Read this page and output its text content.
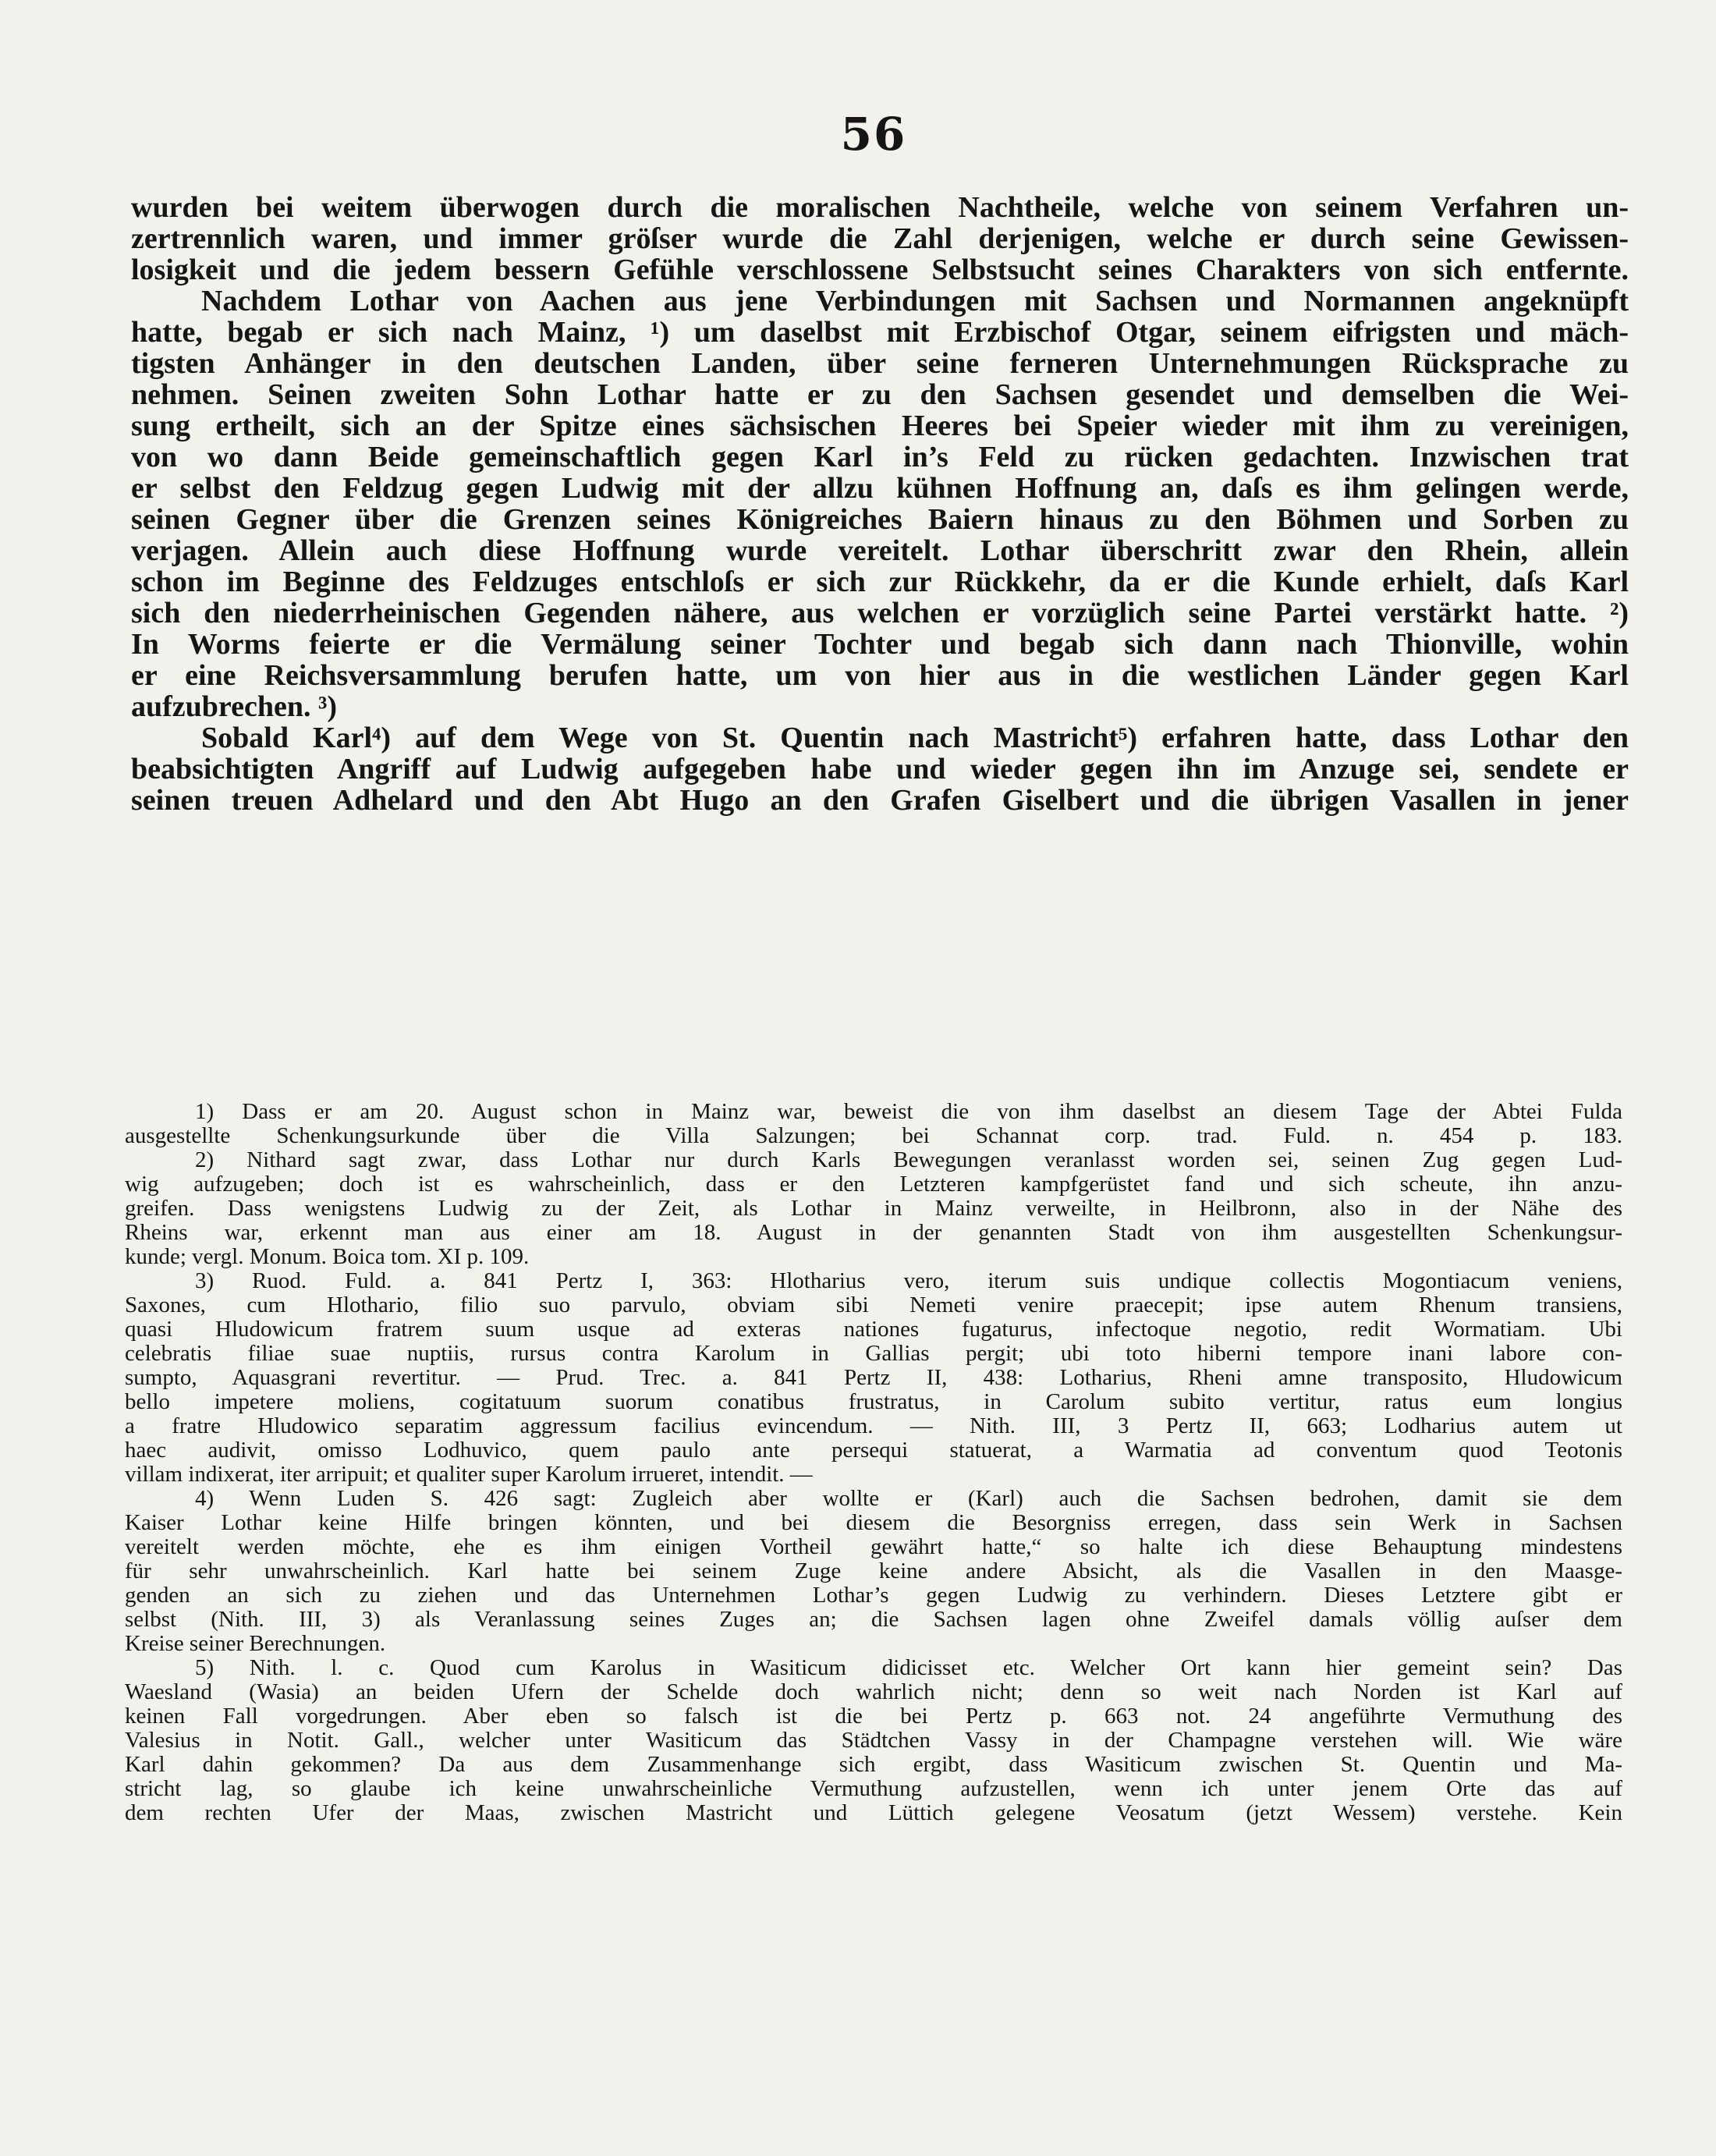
56
wurden bei weitem überwogen durch die moralischen Nachtheile, welche von seinem Verfahren un-
zertrennlich waren, und immer gröſser wurde die Zahl derjenigen, welche er durch seine Gewissen-
losigkeit und die jedem bessern Gefühle verschlossene Selbstsucht seines Charakters von sich entfernte.
Nachdem Lothar von Aachen aus jene Verbindungen mit Sachsen und Normannen angeknüpft
hatte, begab er sich nach Mainz, ¹) um daselbst mit Erzbischof Otgar, seinem eifrigsten und mäch-
tigsten Anhänger in den deutschen Landen, über seine ferneren Unternehmungen Rücksprache zu
nehmen. Seinen zweiten Sohn Lothar hatte er zu den Sachsen gesendet und demselben die Wei-
sung ertheilt, sich an der Spitze eines sächsischen Heeres bei Speier wieder mit ihm zu vereinigen,
von wo dann Beide gemeinschaftlich gegen Karl in’s Feld zu rücken gedachten. Inzwischen trat
er selbst den Feldzug gegen Ludwig mit der allzu kühnen Hoffnung an, daſs es ihm gelingen werde,
seinen Gegner über die Grenzen seines Königreiches Baiern hinaus zu den Böhmen und Sorben zu
verjagen. Allein auch diese Hoffnung wurde vereitelt. Lothar überschritt zwar den Rhein, allein
schon im Beginne des Feldzuges entschloſs er sich zur Rückkehr, da er die Kunde erhielt, daſs Karl
sich den niederrheinischen Gegenden nähere, aus welchen er vorzüglich seine Partei verstärkt hatte. ²)
In Worms feierte er die Vermälung seiner Tochter und begab sich dann nach Thionville, wohin
er eine Reichsversammlung berufen hatte, um von hier aus in die westlichen Länder gegen Karl
aufzubrechen. ³)
Sobald Karl⁴) auf dem Wege von St. Quentin nach Mastricht⁵) erfahren hatte, dass Lothar den
beabsichtigten Angriff auf Ludwig aufgegeben habe und wieder gegen ihn im Anzuge sei, sendete er
seinen treuen Adhelard und den Abt Hugo an den Grafen Giselbert und die übrigen Vasallen in jener
1) Dass er am 20. August schon in Mainz war, beweist die von ihm daselbst an diesem Tage der Abtei Fulda
ausgestellte Schenkungsurkunde über die Villa Salzungen; bei Schannat corp. trad. Fuld. n. 454 p. 183.
2) Nithard sagt zwar, dass Lothar nur durch Karls Bewegungen veranlasst worden sei, seinen Zug gegen Lud-
wig aufzugeben; doch ist es wahrscheinlich, dass er den Letzteren kampfgerüstet fand und sich scheute, ihn anzu-
greifen. Dass wenigstens Ludwig zu der Zeit, als Lothar in Mainz verweilte, in Heilbronn, also in der Nähe des
Rheins war, erkennt man aus einer am 18. August in der genannten Stadt von ihm ausgestellten Schenkungsur-
kunde; vergl. Monum. Boica tom. XI p. 109.
3) Ruod. Fuld. a. 841 Pertz I, 363: Hlotharius vero, iterum suis undique collectis Mogontiacum veniens,
Saxones, cum Hlothario, filio suo parvulo, obviam sibi Nemeti venire praecepit; ipse autem Rhenum transiens,
quasi Hludowicum fratrem suum usque ad exteras nationes fugaturus, infectoque negotio, redit Wormatiam. Ubi
celebratis filiae suae nuptiis, rursus contra Karolum in Gallias pergit; ubi toto hiberni tempore inani labore con-
sumpto, Aquasgrani revertitur. — Prud. Trec. a. 841 Pertz II, 438: Lotharius, Rheni amne transposito, Hludowicum
bello impetere moliens, cogitatuum suorum conatibus frustratus, in Carolum subito vertitur, ratus eum longius
a fratre Hludowico separatim aggressum facilius evincendum. — Nith. III, 3 Pertz II, 663; Lodharius autem ut
haec audivit, omisso Lodhuvico, quem paulo ante persequi statuerat, a Warmatia ad conventum quod Teotonis
villam indixerat, iter arripuit; et qualiter super Karolum irrueret, intendit. —
4) Wenn Luden S. 426 sagt: Zugleich aber wollte er (Karl) auch die Sachsen bedrohen, damit sie dem
Kaiser Lothar keine Hilfe bringen könnten, und bei diesem die Besorgniss erregen, dass sein Werk in Sachsen
vereitelt werden möchte, ehe es ihm einigen Vortheil gewährt hatte,“ so halte ich diese Behauptung mindestens
für sehr unwahrscheinlich. Karl hatte bei seinem Zuge keine andere Absicht, als die Vasallen in den Maasge-
genden an sich zu ziehen und das Unternehmen Lothar’s gegen Ludwig zu verhindern. Dieses Letztere gibt er
selbst (Nith. III, 3) als Veranlassung seines Zuges an; die Sachsen lagen ohne Zweifel damals völlig auſser dem
Kreise seiner Berechnungen.
5) Nith. l. c. Quod cum Karolus in Wasiticum didicisset etc. Welcher Ort kann hier gemeint sein? Das
Waesland (Wasia) an beiden Ufern der Schelde doch wahrlich nicht; denn so weit nach Norden ist Karl auf
keinen Fall vorgedrungen. Aber eben so falsch ist die bei Pertz p. 663 not. 24 angeführte Vermuthung des
Valesius in Notit. Gall., welcher unter Wasiticum das Städtchen Vassy in der Champagne verstehen will. Wie wäre
Karl dahin gekommen? Da aus dem Zusammenhange sich ergibt, dass Wasiticum zwischen St. Quentin und Ma-
stricht lag, so glaube ich keine unwahrscheinliche Vermuthung aufzustellen, wenn ich unter jenem Orte das auf
dem rechten Ufer der Maas, zwischen Mastricht und Lüttich gelegene Veosatum (jetzt Wessem) verstehe. Kein
